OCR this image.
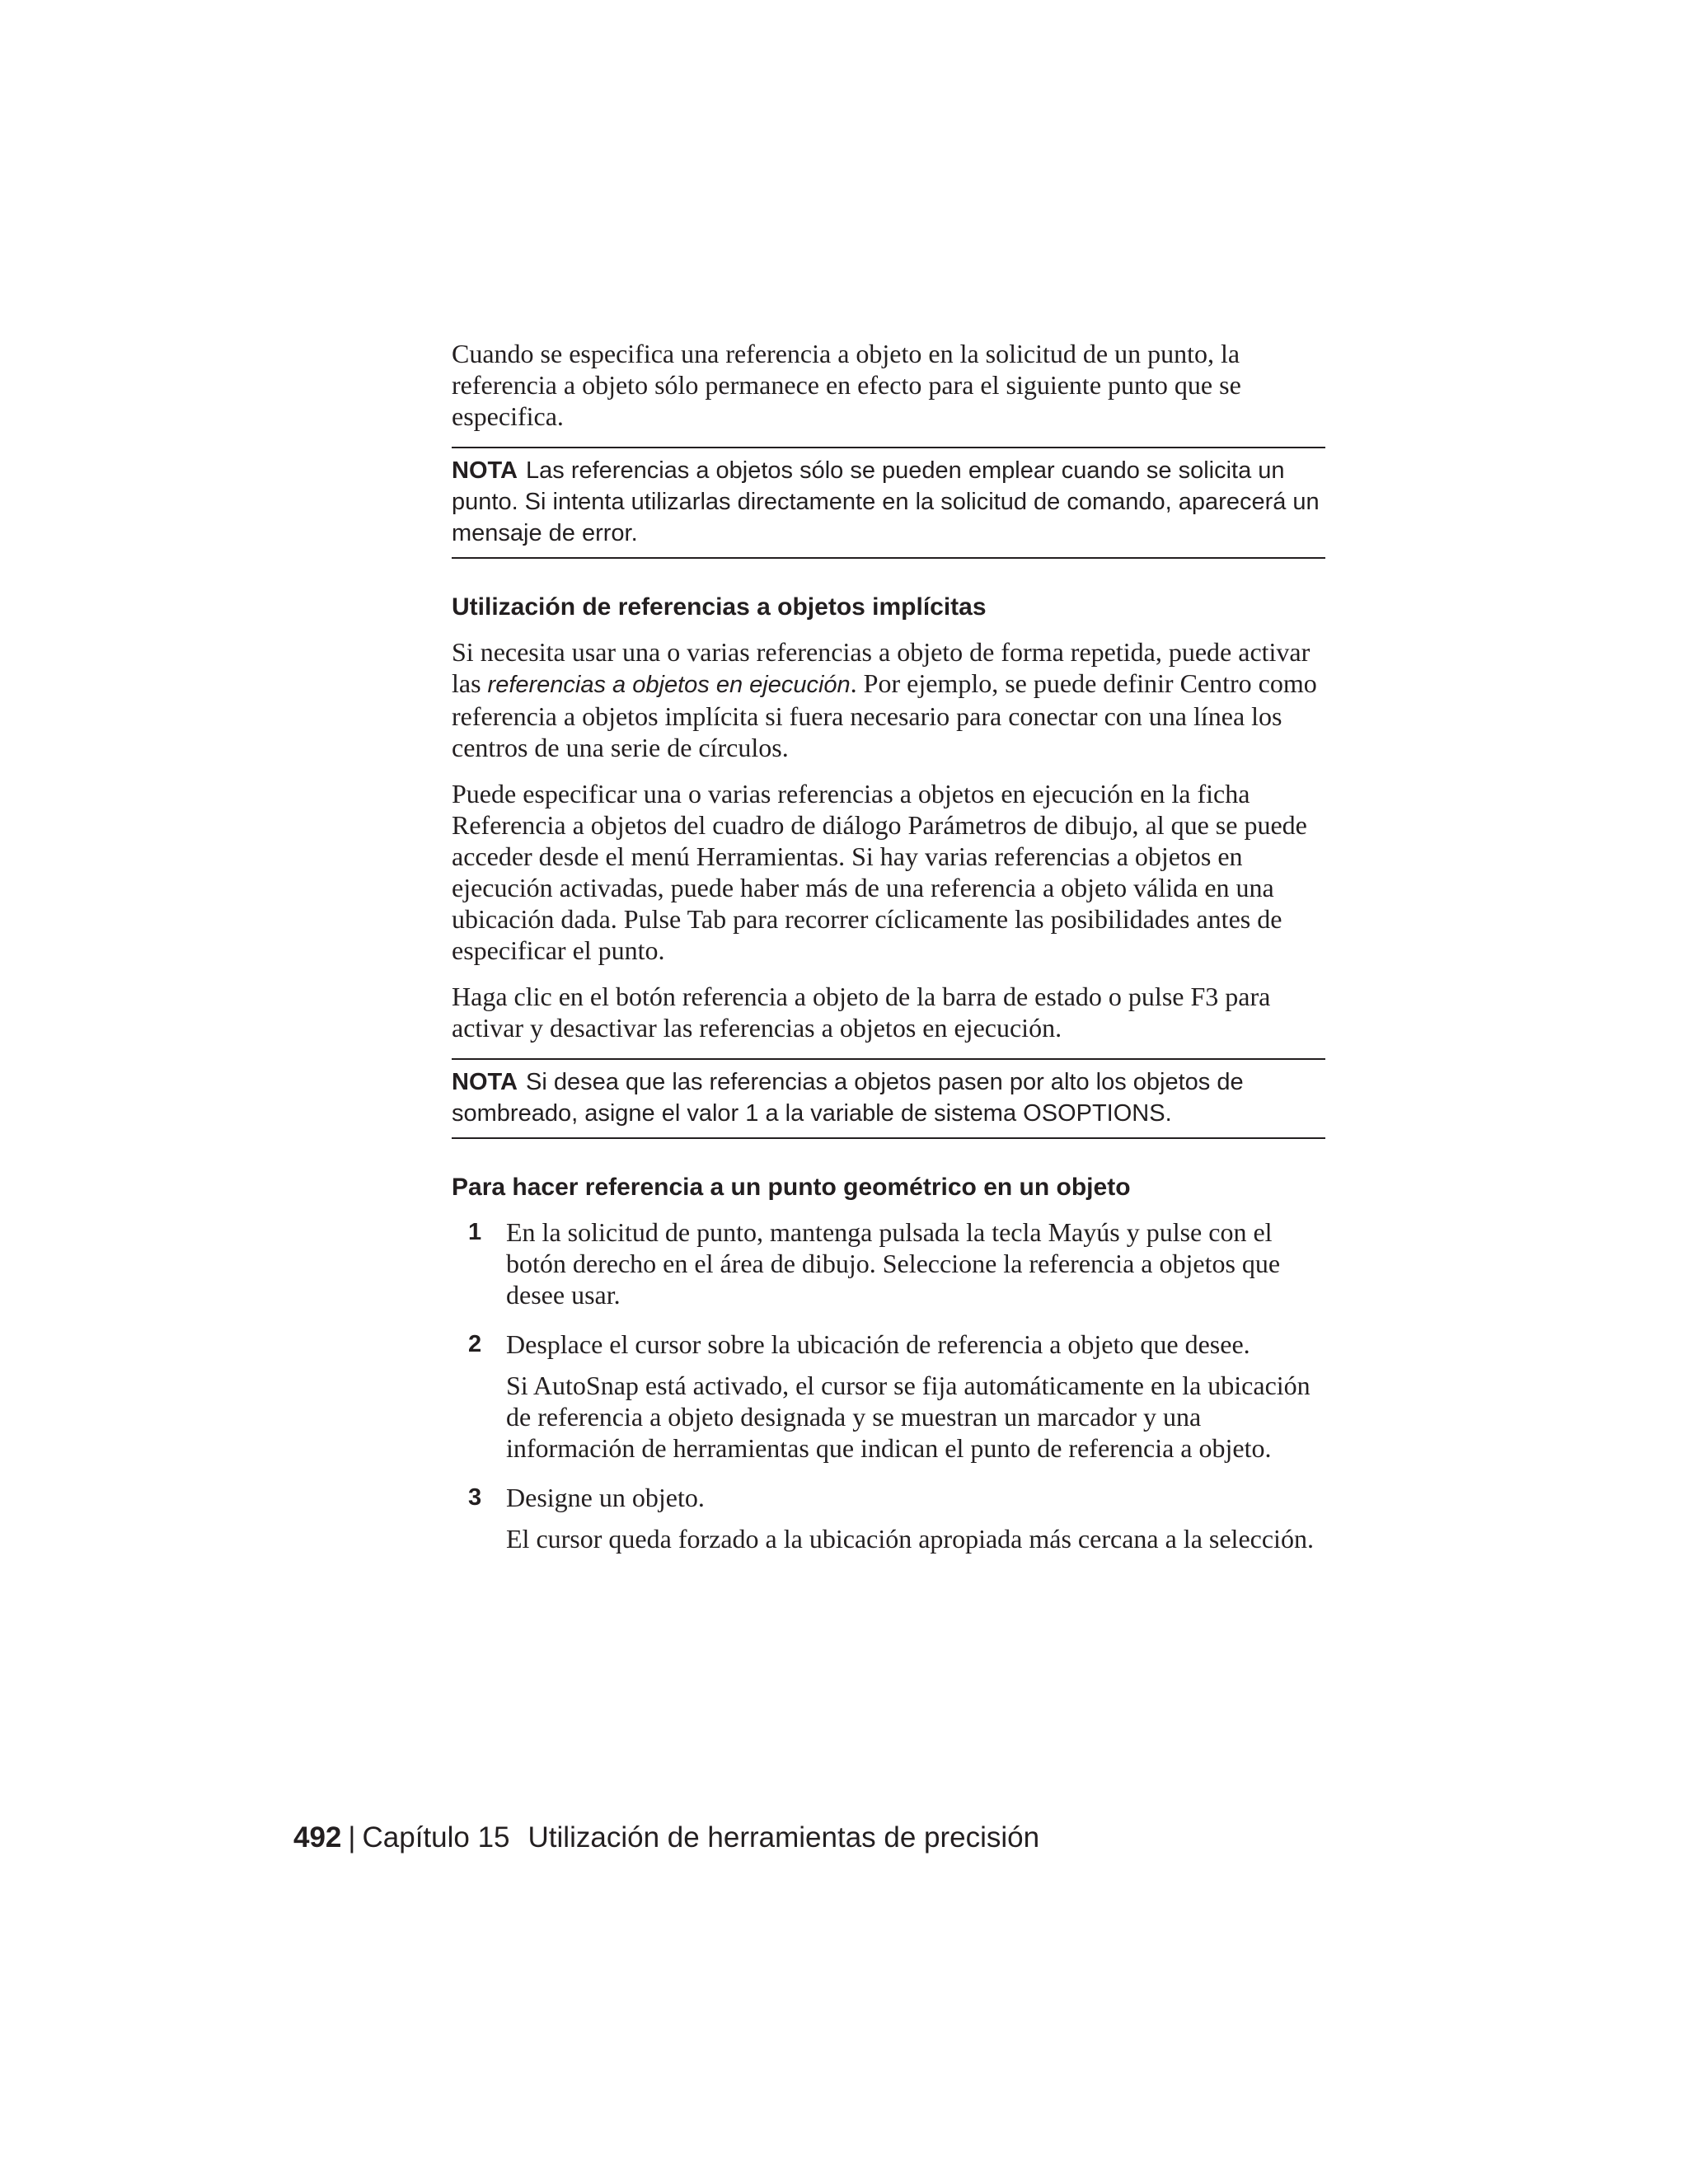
Cuando se especifica una referencia a objeto en la solicitud de un punto, la referencia a objeto sólo permanece en efecto para el siguiente punto que se especifica.

NOTA Las referencias a objetos sólo se pueden emplear cuando se solicita un punto. Si intenta utilizarlas directamente en la solicitud de comando, aparecerá un mensaje de error.
Utilización de referencias a objetos implícitas

Si necesita usar una o varias referencias a objeto de forma repetida, puede activar las referencias a objetos en ejecución. Por ejemplo, se puede definir Centro como referencia a objetos implícita si fuera necesario para conectar con una línea los centros de una serie de círculos.

Puede especificar una o varias referencias a objetos en ejecución en la ficha Referencia a objetos del cuadro de diálogo Parámetros de dibujo, al que se puede acceder desde el menú Herramientas. Si hay varias referencias a objetos en ejecución activadas, puede haber más de una referencia a objeto válida en una ubicación dada. Pulse Tab para recorrer cíclicamente las posibilidades antes de especificar el punto.

Haga clic en el botón referencia a objeto de la barra de estado o pulse F3 para activar y desactivar las referencias a objetos en ejecución.

NOTA Si desea que las referencias a objetos pasen por alto los objetos de sombreado, asigne el valor 1 a la variable de sistema OSOPTIONS.
Para hacer referencia a un punto geométrico en un objeto
1 En la solicitud de punto, mantenga pulsada la tecla Mayús y pulse con el botón derecho en el área de dibujo. Seleccione la referencia a objetos que desee usar.

2 Desplace el cursor sobre la ubicación de referencia a objeto que desee.

Si AutoSnap está activado, el cursor se fija automáticamente en la ubicación de referencia a objeto designada y se muestran un marcador y una información de herramientas que indican el punto de referencia a objeto.

3 Designe un objeto.

El cursor queda forzado a la ubicación apropiada más cercana a la selección.

492 | Capítulo 15 Utilización de herramientas de precisión
